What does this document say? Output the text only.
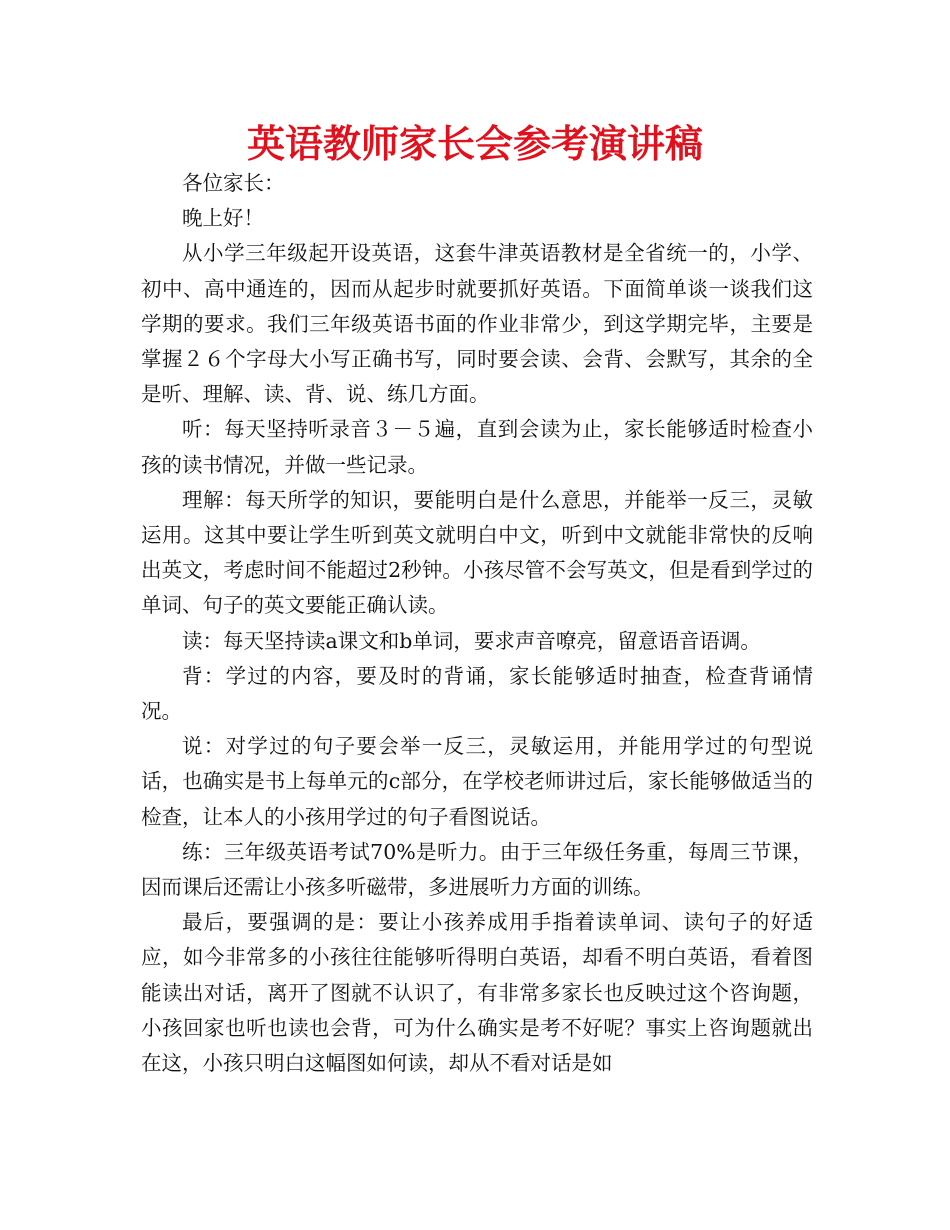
英语教师家长会参考演讲稿

各位家长：

晚上好！

从小学三年级起开设英语，这套牛津英语教材是全省统一的，小学、初中、高中通连的，因而从起步时就要抓好英语。下面简单谈一谈我们这学期的要求。我们三年级英语书面的作业非常少，到这学期完毕，主要是掌握２６个字母大小写正确书写，同时要会读、会背、会默写，其余的全是听、理解、读、背、说、练几方面。

听：每天坚持听录音３－５遍，直到会读为止，家长能够适时检查小孩的读书情况，并做一些记录。

理解：每天所学的知识，要能明白是什么意思，并能举一反三，灵敏运用。这其中要让学生听到英文就明白中文，听到中文就能非常快的反响出英文，考虑时间不能超过2秒钟。小孩尽管不会写英文，但是看到学过的单词、句子的英文要能正确认读。

读：每天坚持读a课文和b单词，要求声音嘹亮，留意语音语调。

背：学过的内容，要及时的背诵，家长能够适时抽查，检查背诵情况。

说：对学过的句子要会举一反三，灵敏运用，并能用学过的句型说话，也确实是书上每单元的c部分，在学校老师讲过后，家长能够做适当的检查，让本人的小孩用学过的句子看图说话。

练：三年级英语考试70%是听力。由于三年级任务重，每周三节课，因而课后还需让小孩多听磁带，多进展听力方面的训练。

最后，要强调的是：要让小孩养成用手指着读单词、读句子的好适应，如今非常多的小孩往往能够听得明白英语，却看不明白英语，看着图能读出对话，离开了图就不认识了，有非常多家长也反映过这个咨询题，小孩回家也听也读也会背，可为什么确实是考不好呢？事实上咨询题就出在这，小孩只明白这幅图如何读，却从不看对话是如
